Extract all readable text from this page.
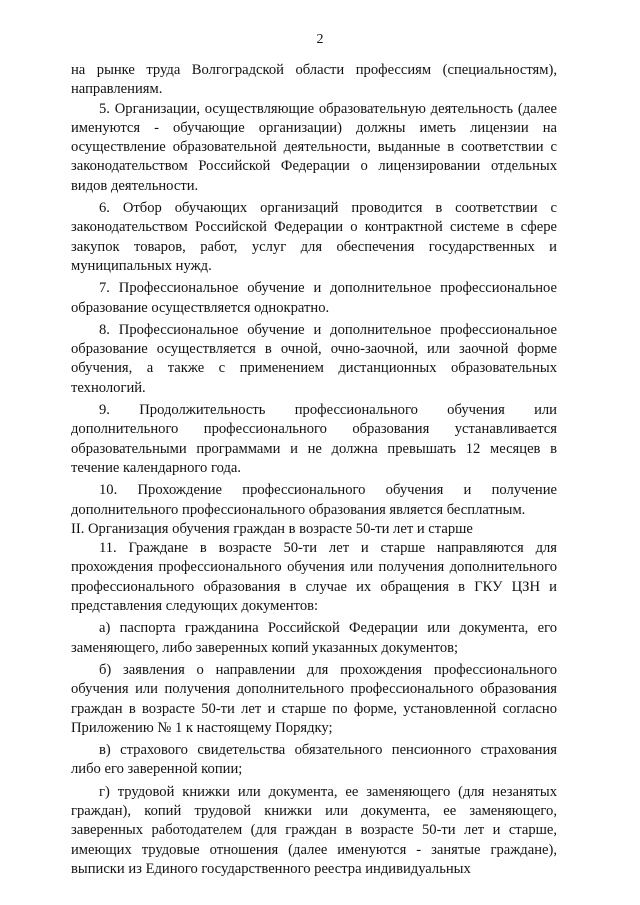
2

на рынке труда Волгоградской области профессиям (специальностям), направлениям.

5. Организации, осуществляющие образовательную деятельность (далее именуются - обучающие организации) должны иметь лицензии на осуществление образовательной деятельности, выданные в соответствии с законодательством Российской Федерации о лицензировании отдельных видов деятельности.

6. Отбор обучающих организаций проводится в соответствии с законодательством Российской Федерации о контрактной системе в сфере закупок товаров, работ, услуг для обеспечения государственных и муниципальных нужд.

7. Профессиональное обучение и дополнительное профессиональное образование осуществляется однократно.

8. Профессиональное обучение и дополнительное профессиональное образование осуществляется в очной, очно-заочной, или заочной форме обучения, а также с применением дистанционных образовательных технологий.

9. Продолжительность профессионального обучения или дополнительного профессионального образования устанавливается образовательными программами и не должна превышать 12 месяцев в течение календарного года.

10. Прохождение профессионального обучения и получение дополнительного профессионального образования является бесплатным.

II. Организация обучения граждан в возрасте 50-ти лет и старше

11. Граждане в возрасте 50-ти лет и старше направляются для прохождения профессионального обучения или получения дополнительного профессионального образования в случае их обращения в ГКУ ЦЗН и представления следующих документов:

а) паспорта гражданина Российской Федерации или документа, его заменяющего, либо заверенных копий указанных документов;

б) заявления о направлении для прохождения профессионального обучения или получения дополнительного профессионального образования граждан в возрасте 50-ти лет и старше по форме, установленной согласно Приложению № 1 к настоящему Порядку;

в) страхового свидетельства обязательного пенсионного страхования либо его заверенной копии;

г) трудовой книжки или документа, ее заменяющего (для незанятых граждан), копий трудовой книжки или документа, ее заменяющего, заверенных работодателем (для граждан в возрасте 50-ти лет и старше, имеющих трудовые отношения (далее именуются - занятые граждане), выписки из Единого государственного реестра индивидуальных
